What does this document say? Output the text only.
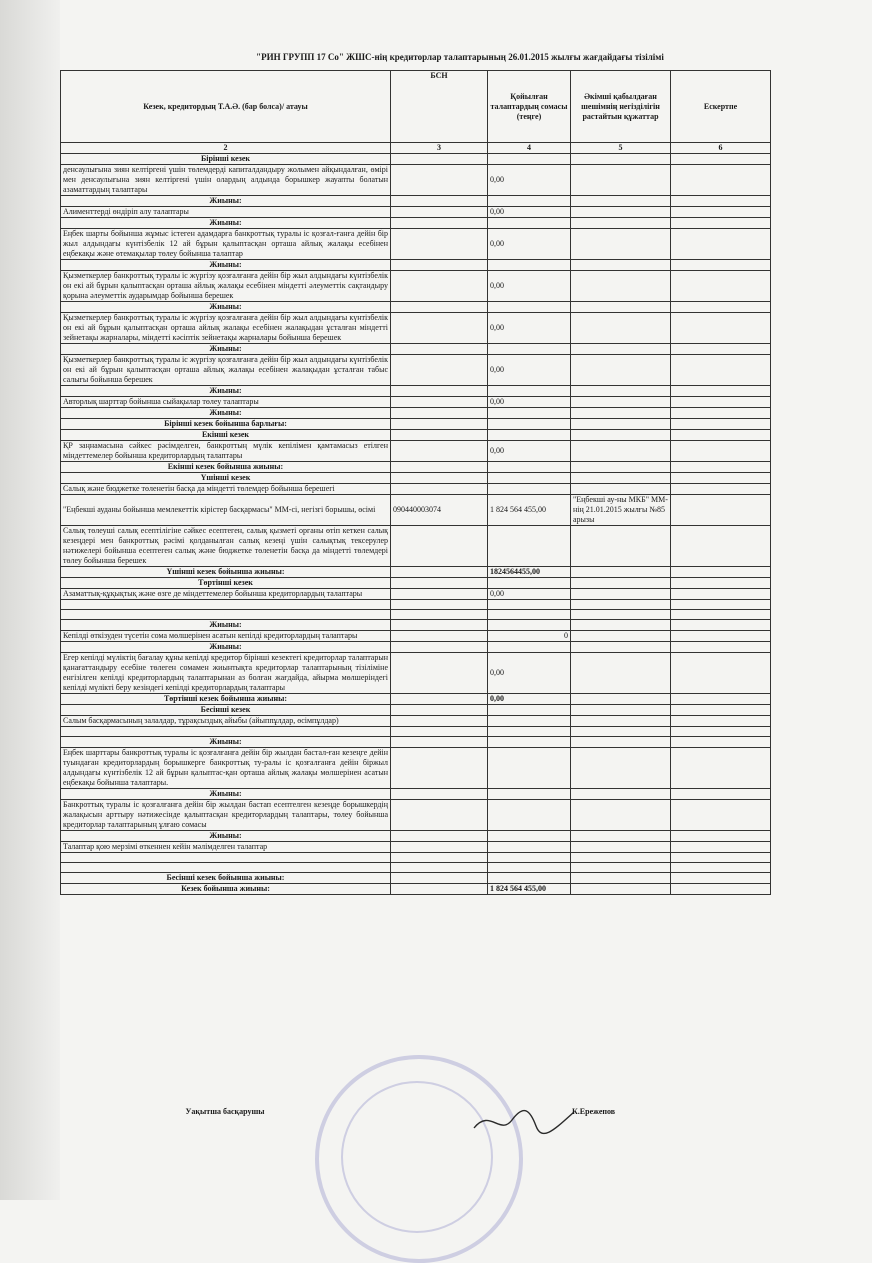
"РИН ГРУПП 17 Со" ЖШС-нің кредиторлар талаптарының 26.01.2015 жылғы жағдайдағы тізілімі
Кезек, кредитордың Т.А.Ә. (бар болса)/ атауы	БСН	Қойылған талаптардың сомасы (теңге)	Әкімші қабылдаған шешімнің негізділігін растайтын құжаттар	Ескертпе
2	3	4	5	6
Бірінші кезек				
денсаулығына зиян келтіргені үшін төлемдерді капиталдандыру жолымен айқындалған, өмірі мен денсаулығына зиян келтіргені үшін олардың алдында борышкер жауапты болатын азаматтардың талаптары		0,00		
Жиыны:				
Алименттерді өндіріп алу талаптары		0,00		
Жиыны:				
Еңбек шарты бойынша жұмыс істеген адамдарға банкроттық туралы іс қозғал-ғанға дейін бір жыл алдындағы күнтізбелік 12 ай бұрын қалыптасқан орташа айлық жалақы есебінен еңбекақы және өтемақылар төлеу бойынша талаптар		0,00		
Жиыны:				
Қызметкерлер банкроттық туралы іс жүргізу қозғалғанға дейін бір жыл алдындағы күнтізбелік он екі ай бұрын қалыптасқан орташа айлық жалақы есебінен міндетті әлеуметтік сақтандыру қорына әлеуметтік аударымдар бойынша берешек		0,00		
Жиыны:				
Қызметкерлер банкроттық туралы іс жүргізу қозғалғанға дейін бір жыл алдындағы күнтізбелік он екі ай бұрын қалыптасқан орташа айлық жалақы есебінен жалақыдан ұсталған міндетті зейнетақы жарналары, міндетті кәсіптік зейнетақы жарналары бойынша берешек		0,00		
Жиыны:				
Қызметкерлер банкроттық туралы іс жүргізу қозғалғанға дейін бір жыл алдындағы күнтізбелік он екі ай бұрын қалыптасқан орташа айлық жалақы есебінен жалақыдан ұсталған табыс салығы бойынша берешек		0,00		
Жиыны:				
Авторлық шарттар бойынша сыйақылар төлеу талаптары		0,00		
Жиыны:				
Бірінші кезек бойынша барлығы:				
Екінші кезек				
ҚР заңнамасына сәйкес рәсімделген, банкроттың мүлік кепілімен қамтамасыз етілген міндеттемелер бойынша кредиторлардың талаптары		0,00		
Екінші кезек бойынша жиыны:				
Үшінші кезек				
Салық және бюджетке төленетін басқа да міндетті төлемдер бойынша берешегі				
"Еңбекші ауданы бойынша мемлекеттік кірістер басқармасы" ММ-сі, негізгі борышы, өсімі	090440003074	1 824 564 455,00	"Еңбекші ау-ны МКБ" ММ-нің 21.01.2015 жылғы №85 арызы	
Салық төлеуші салық есептілігіне сәйкес есептеген, салық қызметі органы өтіп кеткен салық кезеңдері мен банкроттық рәсімі қолданылған салық кезеңі үшін салықтық тексерулер нәтижелері бойынша есептеген салық және бюджетке төленетін басқа да міндетті төлемдері төлеу бойынша берешек				
Үшінші кезек бойынша жиыны:		1824564455,00		
Төртінші кезек				
Азаматтық-құқықтық және өзге де міндеттемелер бойынша кредиторлардың талаптары		0,00		

Жиыны:				
Кепілді өткізуден түсетін сома мөлшерінен асатын кепілді кредиторлардың талаптары		0		
Жиыны:				
Егер кепілді мүліктің бағалау құны кепілді кредитор бірінші кезектегі кредиторлар талаптарын қанағаттандыру есебіне төлеген сомамен жиынтықта кредиторлар талаптарының тізіліміне енгізілген кепілді кредиторлардың талаптарынан аз болған жағдайда, айырма мөлшеріндегі кепілді мүлікті беру кезіндегі кепілді кредиторлардың талаптары		0,00		
Төртінші кезек бойынша жиыны:		0,00		
Бесінші кезек				
Салым басқармасының залалдар, тұрақсыздық айыбы (айыппұлдар, өсімпұлдар)				

Жиыны:				
Еңбек шарттары банкроттық туралы іс қозғалғанға дейін бір жылдан бастал-ған кезеңге дейін туындаған кредиторлардың борышкерге банкроттық ту-ралы іс қозғалғанға дейін біржыл алдындағы күнтізбелік 12 ай бұрын қалыптас-қан орташа айлық жалақы мөлшерінен асатын еңбекақы бойынша талаптары.				
Жиыны:				
Банкроттық туралы іс қозғалғанға дейін бір жылдан бастап есептелген кезеңде борышкердің жалақысын арттыру нәтижесінде қалыптасқан кредиторлардың талаптары, төлеу бойынша кредиторлар талаптарының ұлғаю сомасы				
Жиыны:				
Талаптар қою мерзімі өткеннен кейін мәлімделген талаптар				

Бесінші кезек бойынша жиыны:				
Кезек бойынша жиыны:		1 824 564 455,00		
Уақытша басқарушы			К.Ережепов	
